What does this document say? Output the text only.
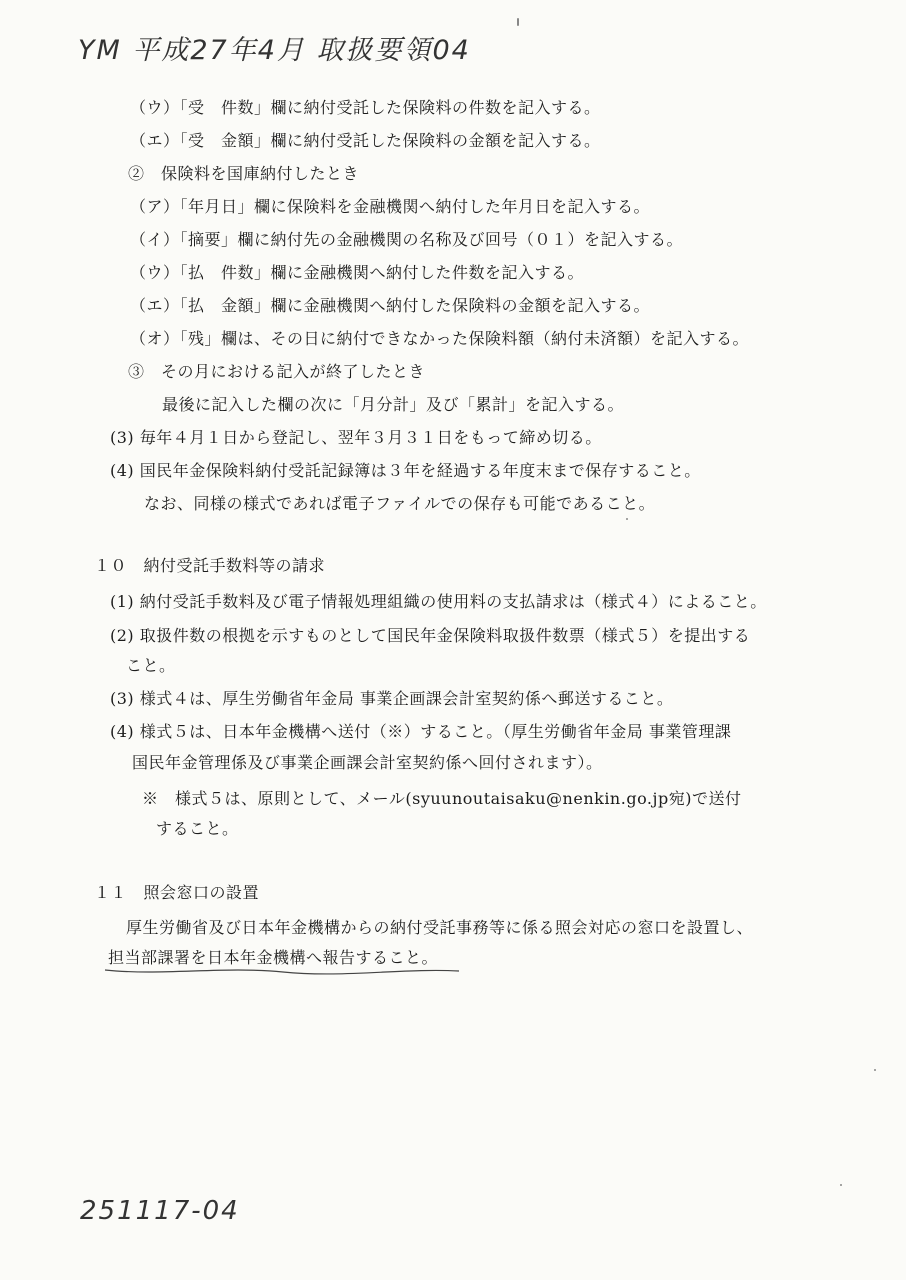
YM 平成27年4月 取扱要領04
（ウ）「受　件数」欄に納付受託した保険料の件数を記入する。
（エ）「受　金額」欄に納付受託した保険料の金額を記入する。
②　保険料を国庫納付したとき
（ア）「年月日」欄に保険料を金融機関へ納付した年月日を記入する。
（イ）「摘要」欄に納付先の金融機関の名称及び回号（０１）を記入する。
（ウ）「払　件数」欄に金融機関へ納付した件数を記入する。
（エ）「払　金額」欄に金融機関へ納付した保険料の金額を記入する。
（オ）「残」欄は、その日に納付できなかった保険料額（納付未済額）を記入する。
③　その月における記入が終了したとき
最後に記入した欄の次に「月分計」及び「累計」を記入する。
(3) 毎年４月１日から登記し、翌年３月３１日をもって締め切る。
(4) 国民年金保険料納付受託記録簿は３年を経過する年度末まで保存すること。
なお、同様の様式であれば電子ファイルでの保存も可能であること。
１０　納付受託手数料等の請求
(1) 納付受託手数料及び電子情報処理組織の使用料の支払請求は（様式４）によること。
(2) 取扱件数の根拠を示すものとして国民年金保険料取扱件数票（様式５）を提出する
こと。
(3) 様式４は、厚生労働省年金局 事業企画課会計室契約係へ郵送すること。
(4) 様式５は、日本年金機構へ送付（※）すること。（厚生労働省年金局 事業管理課
国民年金管理係及び事業企画課会計室契約係へ回付されます）。
※　様式５は、原則として、メール(syuunoutaisaku@nenkin.go.jp宛)で送付
すること。
１１　照会窓口の設置
厚生労働省及び日本年金機構からの納付受託事務等に係る照会対応の窓口を設置し、
担当部課署を日本年金機構へ報告すること。
251117-04
